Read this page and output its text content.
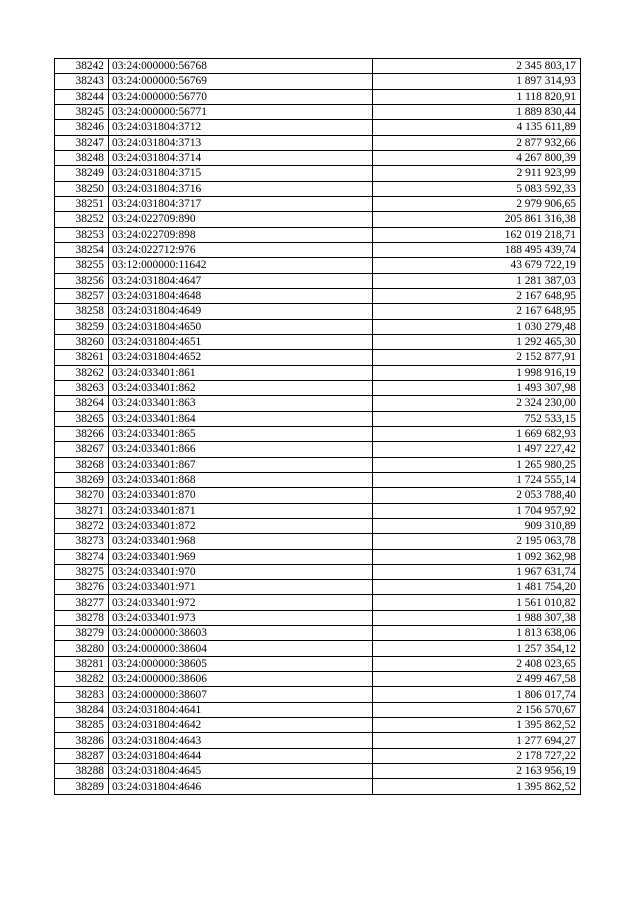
38242	03:24:000000:56768	2 345 803,17
38243	03:24:000000:56769	1 897 314,93
38244	03:24:000000:56770	1 118 820,91
38245	03:24:000000:56771	1 889 830,44
38246	03:24:031804:3712	4 135 611,89
38247	03:24:031804:3713	2 877 932,66
38248	03:24:031804:3714	4 267 800,39
38249	03:24:031804:3715	2 911 923,99
38250	03:24:031804:3716	5 083 592,33
38251	03:24:031804:3717	2 979 906,65
38252	03:24:022709:890	205 861 316,38
38253	03:24:022709:898	162 019 218,71
38254	03:24:022712:976	188 495 439,74
38255	03:12:000000:11642	43 679 722,19
38256	03:24:031804:4647	1 281 387,03
38257	03:24:031804:4648	2 167 648,95
38258	03:24:031804:4649	2 167 648,95
38259	03:24:031804:4650	1 030 279,48
38260	03:24:031804:4651	1 292 465,30
38261	03:24:031804:4652	2 152 877,91
38262	03:24:033401:861	1 998 916,19
38263	03:24:033401:862	1 493 307,98
38264	03:24:033401:863	2 324 230,00
38265	03:24:033401:864	752 533,15
38266	03:24:033401:865	1 669 682,93
38267	03:24:033401:866	1 497 227,42
38268	03:24:033401:867	1 265 980,25
38269	03:24:033401:868	1 724 555,14
38270	03:24:033401:870	2 053 788,40
38271	03:24:033401:871	1 704 957,92
38272	03:24:033401:872	909 310,89
38273	03:24:033401:968	2 195 063,78
38274	03:24:033401:969	1 092 362,98
38275	03:24:033401:970	1 967 631,74
38276	03:24:033401:971	1 481 754,20
38277	03:24:033401:972	1 561 010,82
38278	03:24:033401:973	1 988 307,38
38279	03:24:000000:38603	1 813 638,06
38280	03:24:000000:38604	1 257 354,12
38281	03:24:000000:38605	2 408 023,65
38282	03:24:000000:38606	2 499 467,58
38283	03:24:000000:38607	1 806 017,74
38284	03:24:031804:4641	2 156 570,67
38285	03:24:031804:4642	1 395 862,52
38286	03:24:031804:4643	1 277 694,27
38287	03:24:031804:4644	2 178 727,22
38288	03:24:031804:4645	2 163 956,19
38289	03:24:031804:4646	1 395 862,52
